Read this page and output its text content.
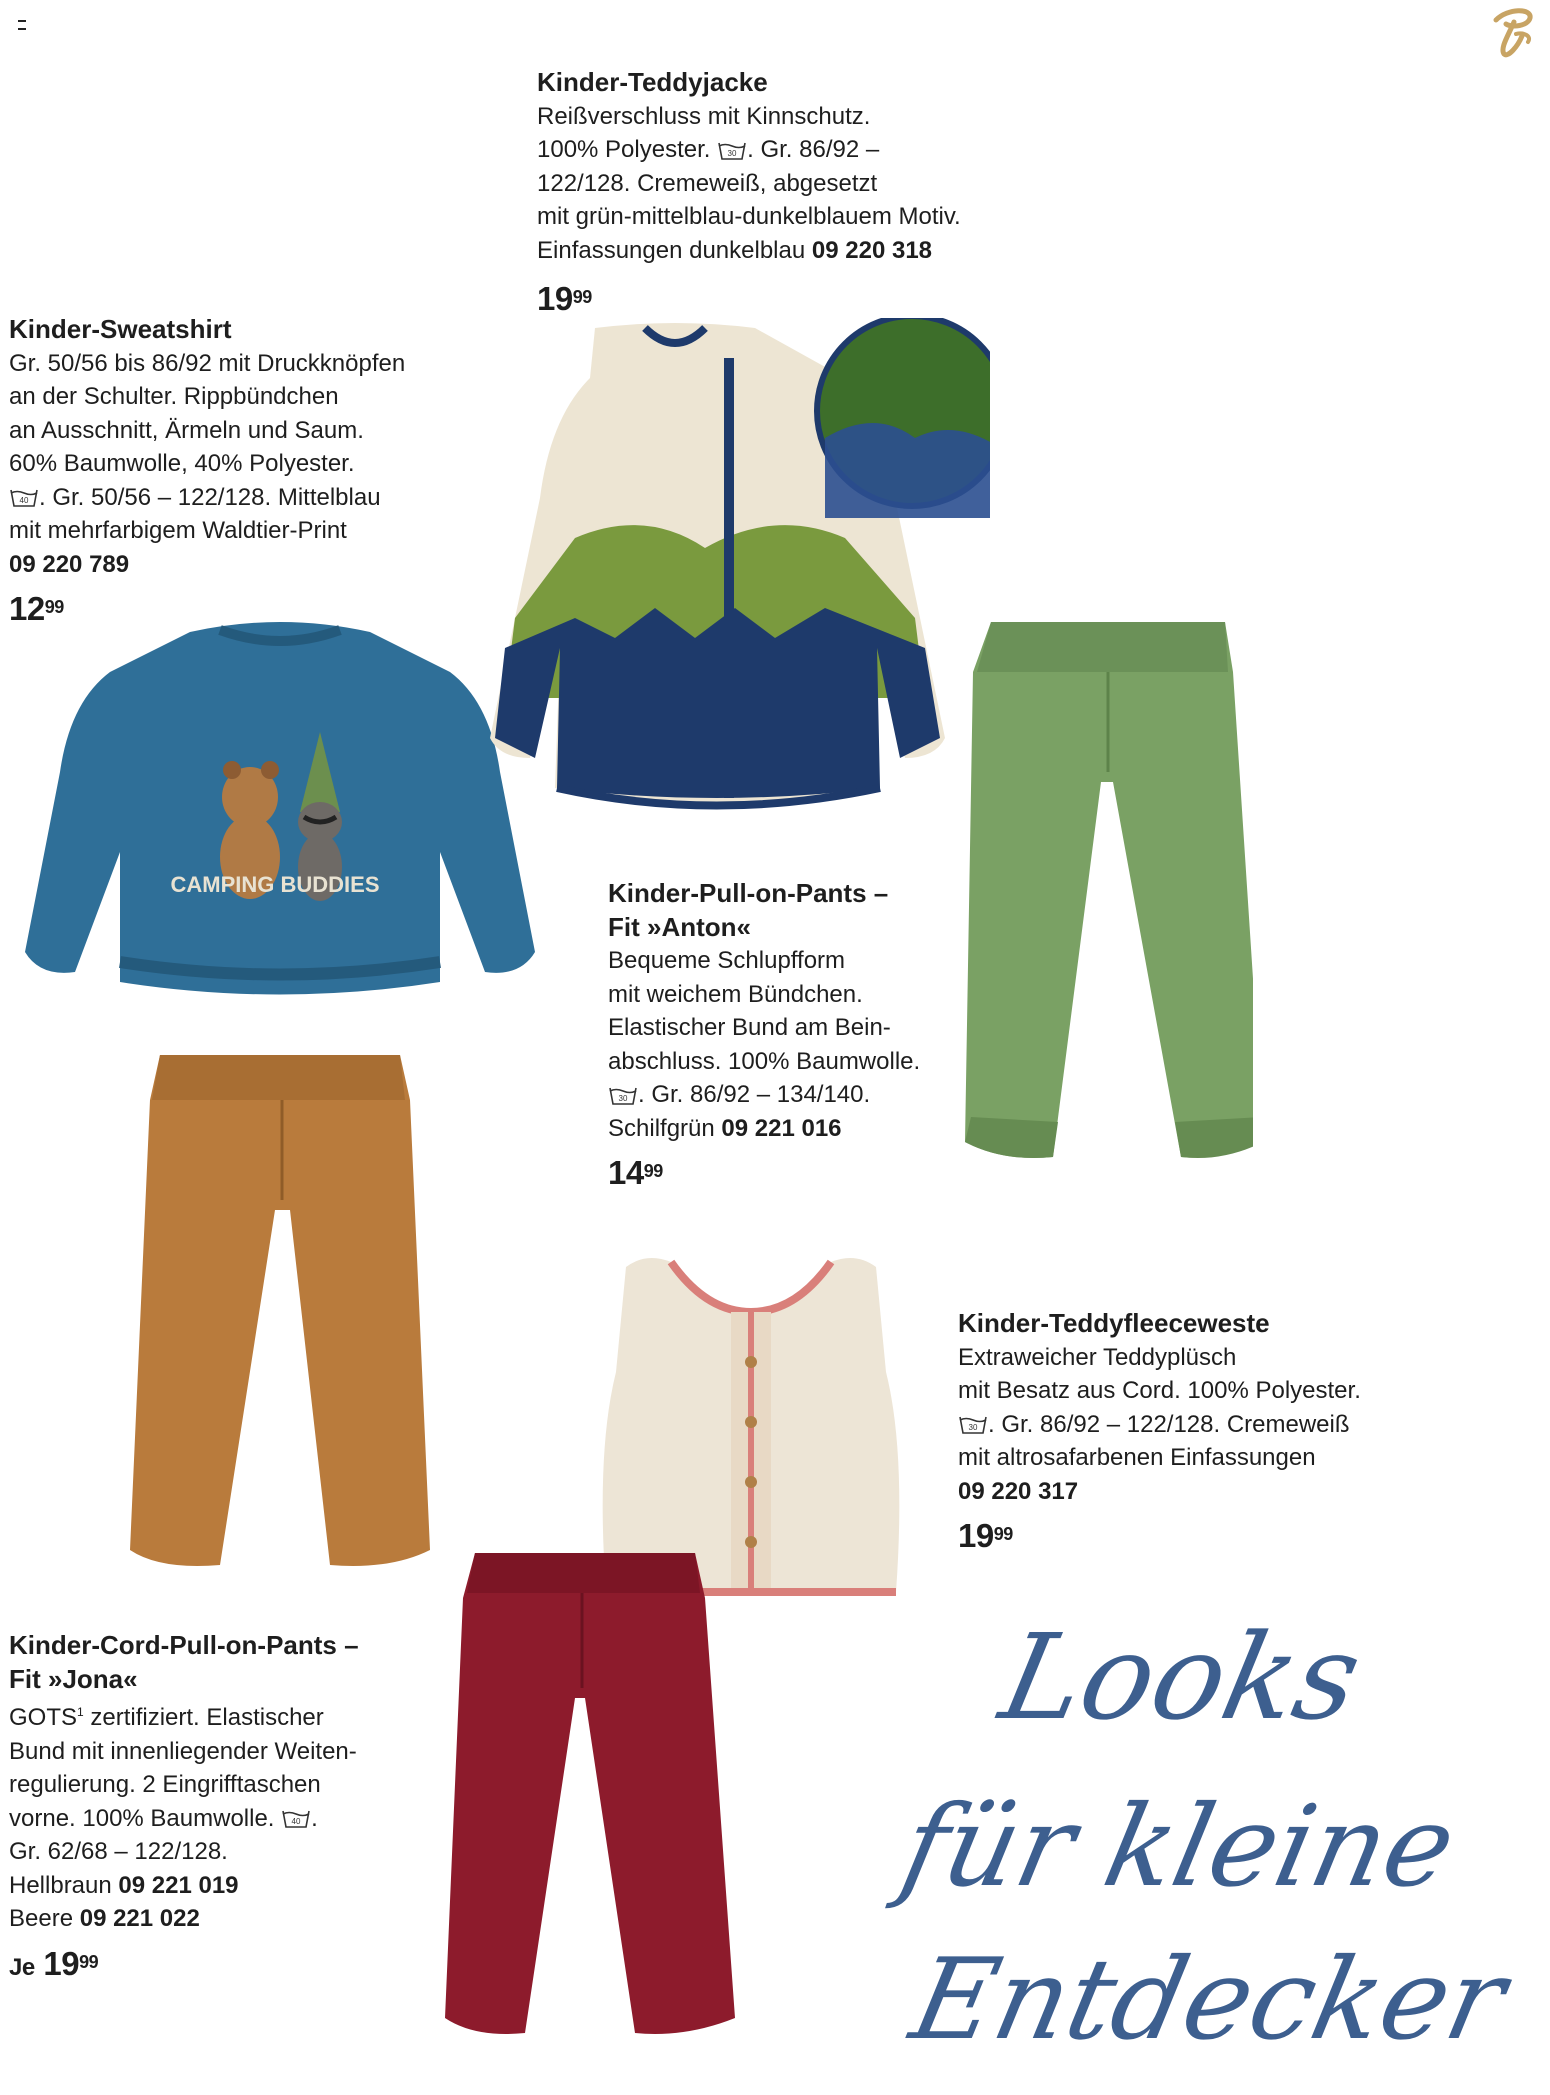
Kinder-Teddyjacke
Reißverschluss mit Kinnschutz.
100% Polyester. 30 . Gr. 86/92 –
122/128. Cremeweiß, abgesetzt
mit grün-mittelblau-dunkelblauem Motiv.
Einfassungen dunkelblau 09 220 318
$19^{99}$
Kinder-Sweatshirt
Gr. 50/56 bis 86/92 mit Druckknöpfen
an der Schulter. Rippbündchen
an Ausschnitt, Ärmeln und Saum.
60% Baumwolle, 40% Polyester.
40 . Gr. 50/56 – 122/128. Mittelblau
mit mehrfarbigem Waldtier-Print
09 220 789
$12^{99}$
Kinder-Pull-on-Pants –
Fit »Anton«
Bequeme Schlupfform
mit weichem Bündchen.
Elastischer Bund am Bein-
abschluss. 100% Baumwolle.
30 . Gr. 86/92 – 134/140.
Schilfgrün 09 221 016
$14^{99}$
Kinder-Teddyfleeceweste
Extraweicher Teddyplüsch
mit Besatz aus Cord. 100% Polyester.
30 . Gr. 86/92 – 122/128. Cremeweiß
mit altrosafarbenen Einfassungen
09 220 317
$19^{99}$
Kinder-Cord-Pull-on-Pants –
Fit »Jona«
GOTS$^1$ zertifiziert. Elastischer
Bund mit innenliegender Weiten-
regulierung. 2 Eingrifftaschen
vorne. 100% Baumwolle. 40 .
Gr. 62/68 – 122/128.
Hellbraun 09 221 019
Beere 09 221 022
Je $19^{99}$
CAMPING BUDDIES
Looks
für kleine
Entdecker
